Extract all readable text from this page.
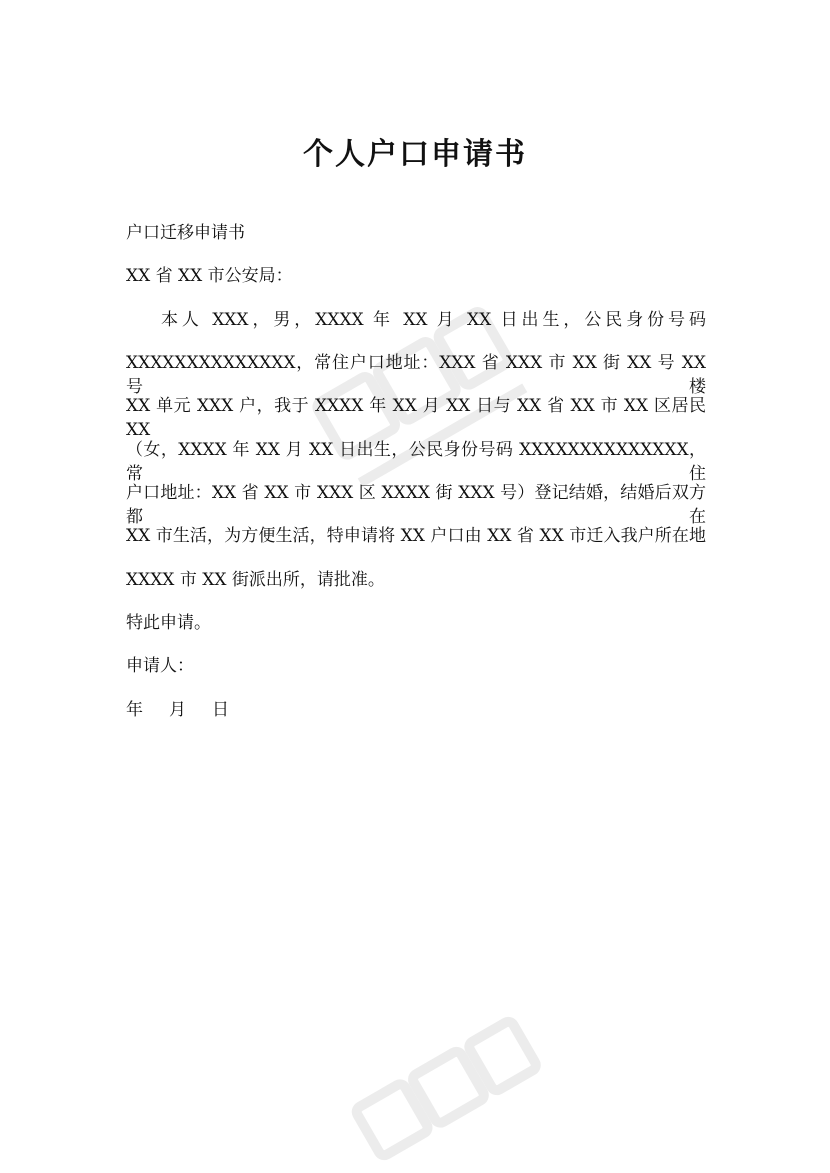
个人户口申请书
户口迁移申请书
XX 省 XX 市公安局：
本人 XXX，男，XXXX 年 XX 月 XX 日出生，公民身份号码
XXXXXXXXXXXXXX，常住户口地址：XXX 省 XXX 市 XX 街 XX 号 XX 号楼
XX 单元 XXX 户，我于 XXXX 年 XX 月 XX 日与 XX 省 XX 市 XX 区居民 XX
（女，XXXX 年 XX 月 XX 日出生，公民身份号码 XXXXXXXXXXXXXX，常住
户口地址：XX 省 XX 市 XXX 区 XXXX 街 XXX 号）登记结婚，结婚后双方都在
XX 市生活，为方便生活，特申请将 XX 户口由 XX 省 XX 市迁入我户所在地
XXXX 市 XX 街派出所，请批准。
特此申请。
申请人：
年 月 日
